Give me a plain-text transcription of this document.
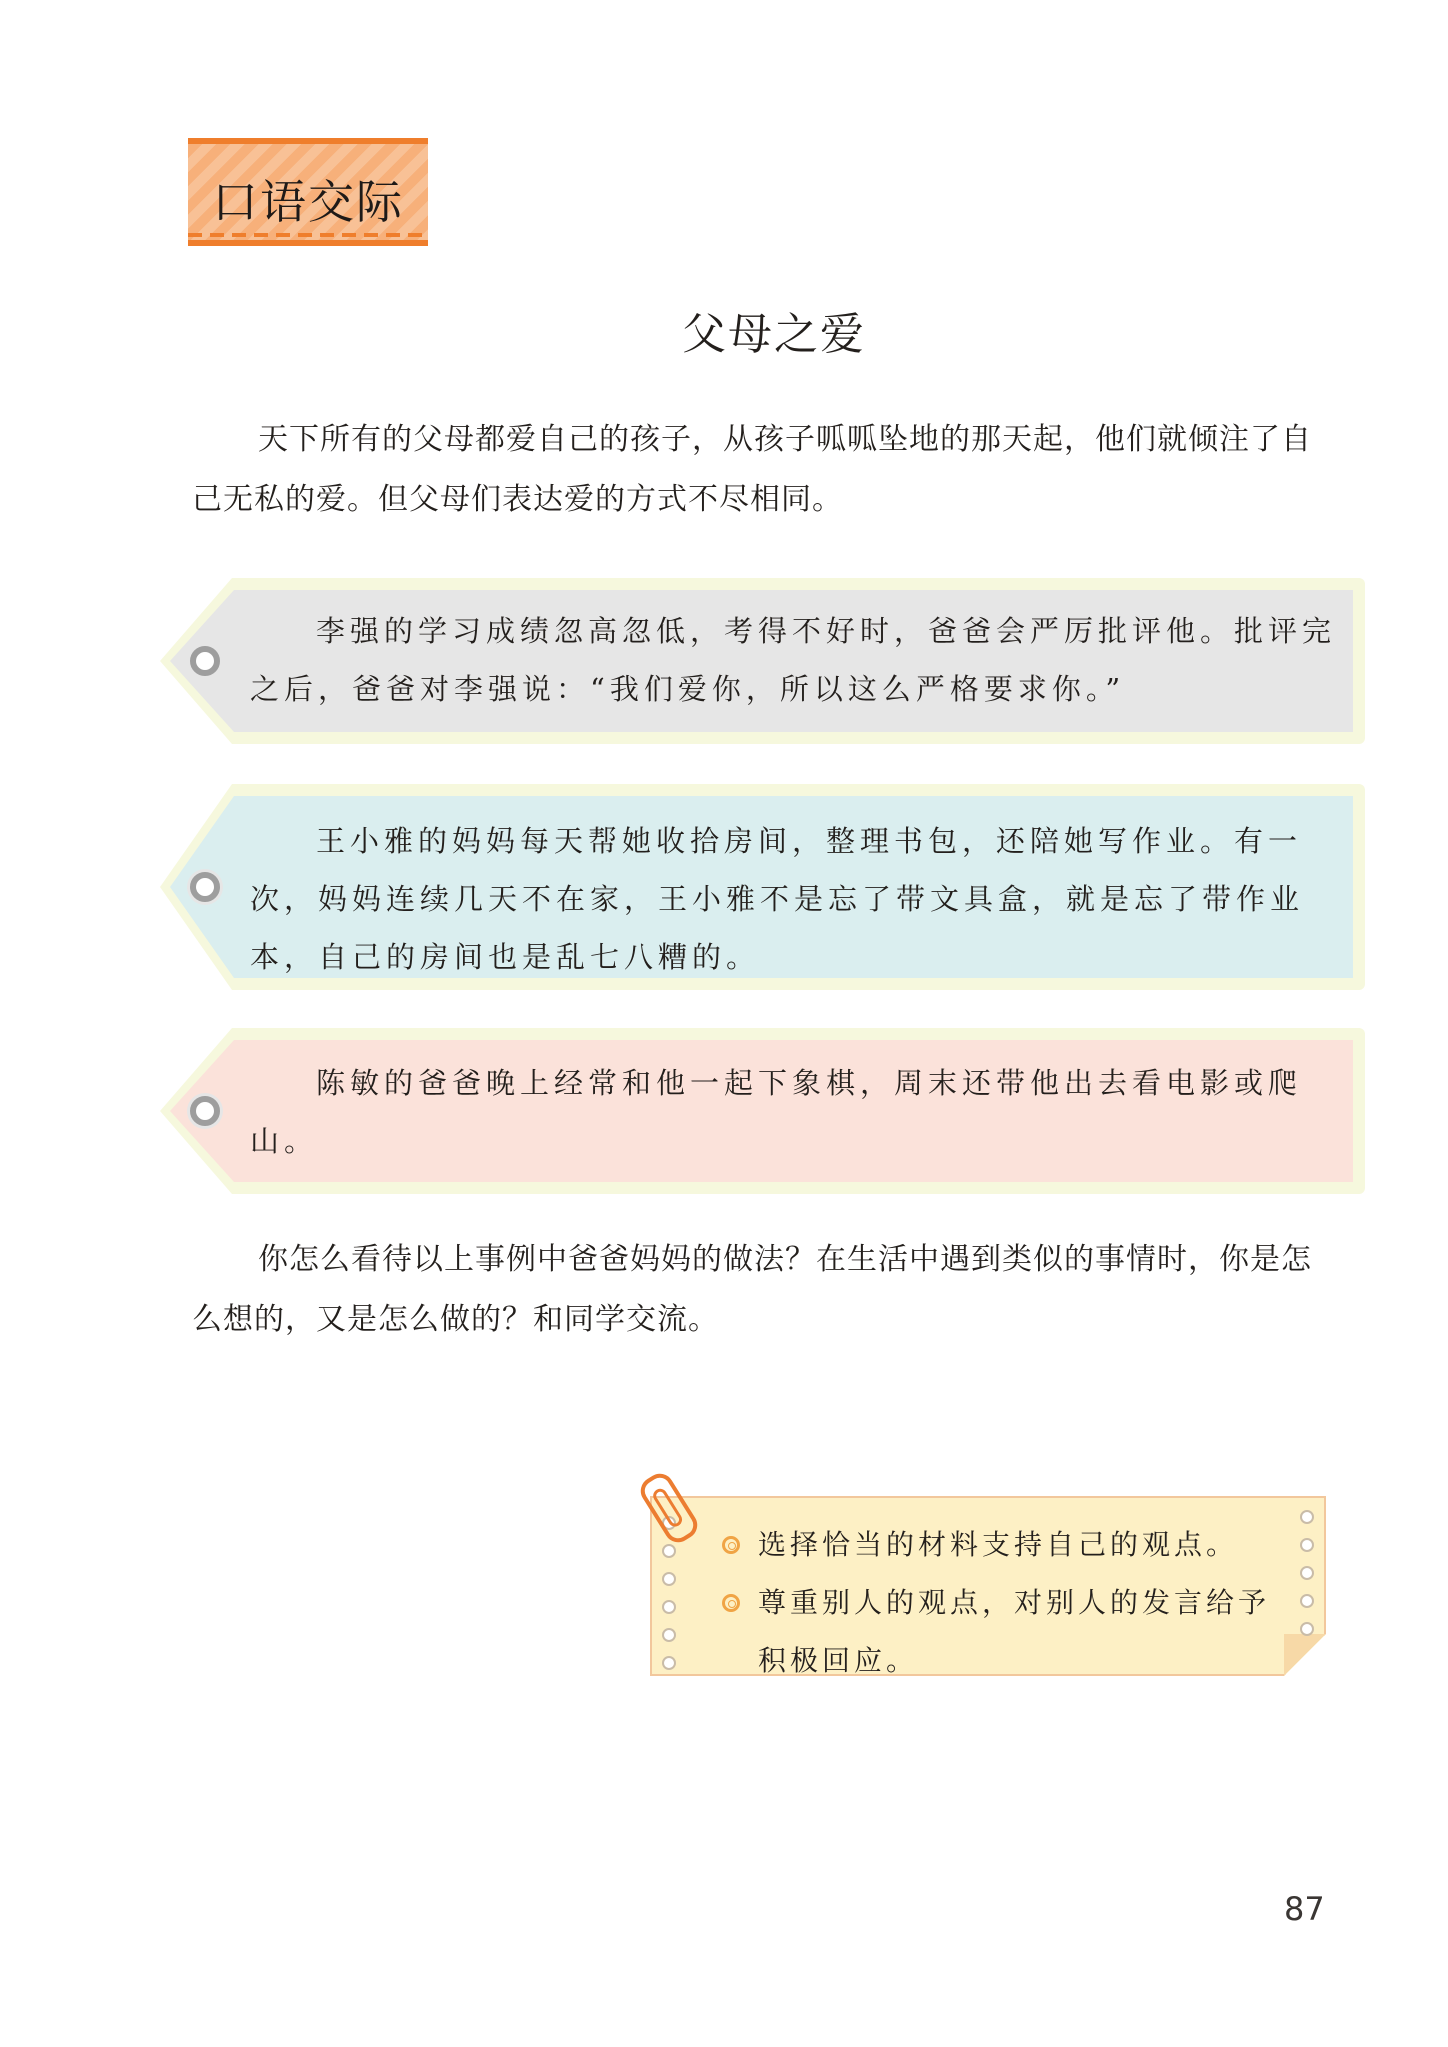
口语交际
父母之爱

天下所有的父母都爱自己的孩子，从孩子呱呱坠地的那天起，他们就倾注了自己无私的爱。但父母们表达爱的方式不尽相同。

李强的学习成绩忽高忽低，考得不好时，爸爸会严厉批评他。批评完之后，爸爸对李强说：“我们爱你，所以这么严格要求你。”

王小雅的妈妈每天帮她收拾房间，整理书包，还陪她写作业。有一次，妈妈连续几天不在家，王小雅不是忘了带文具盒，就是忘了带作业本，自己的房间也是乱七八糟的。

陈敏的爸爸晚上经常和他一起下象棋，周末还带他出去看电影或爬山。

你怎么看待以上事例中爸爸妈妈的做法？在生活中遇到类似的事情时，你是怎么想的，又是怎么做的？和同学交流。

选择恰当的材料支持自己的观点。
尊重别人的观点，对别人的发言给予积极回应。
87
